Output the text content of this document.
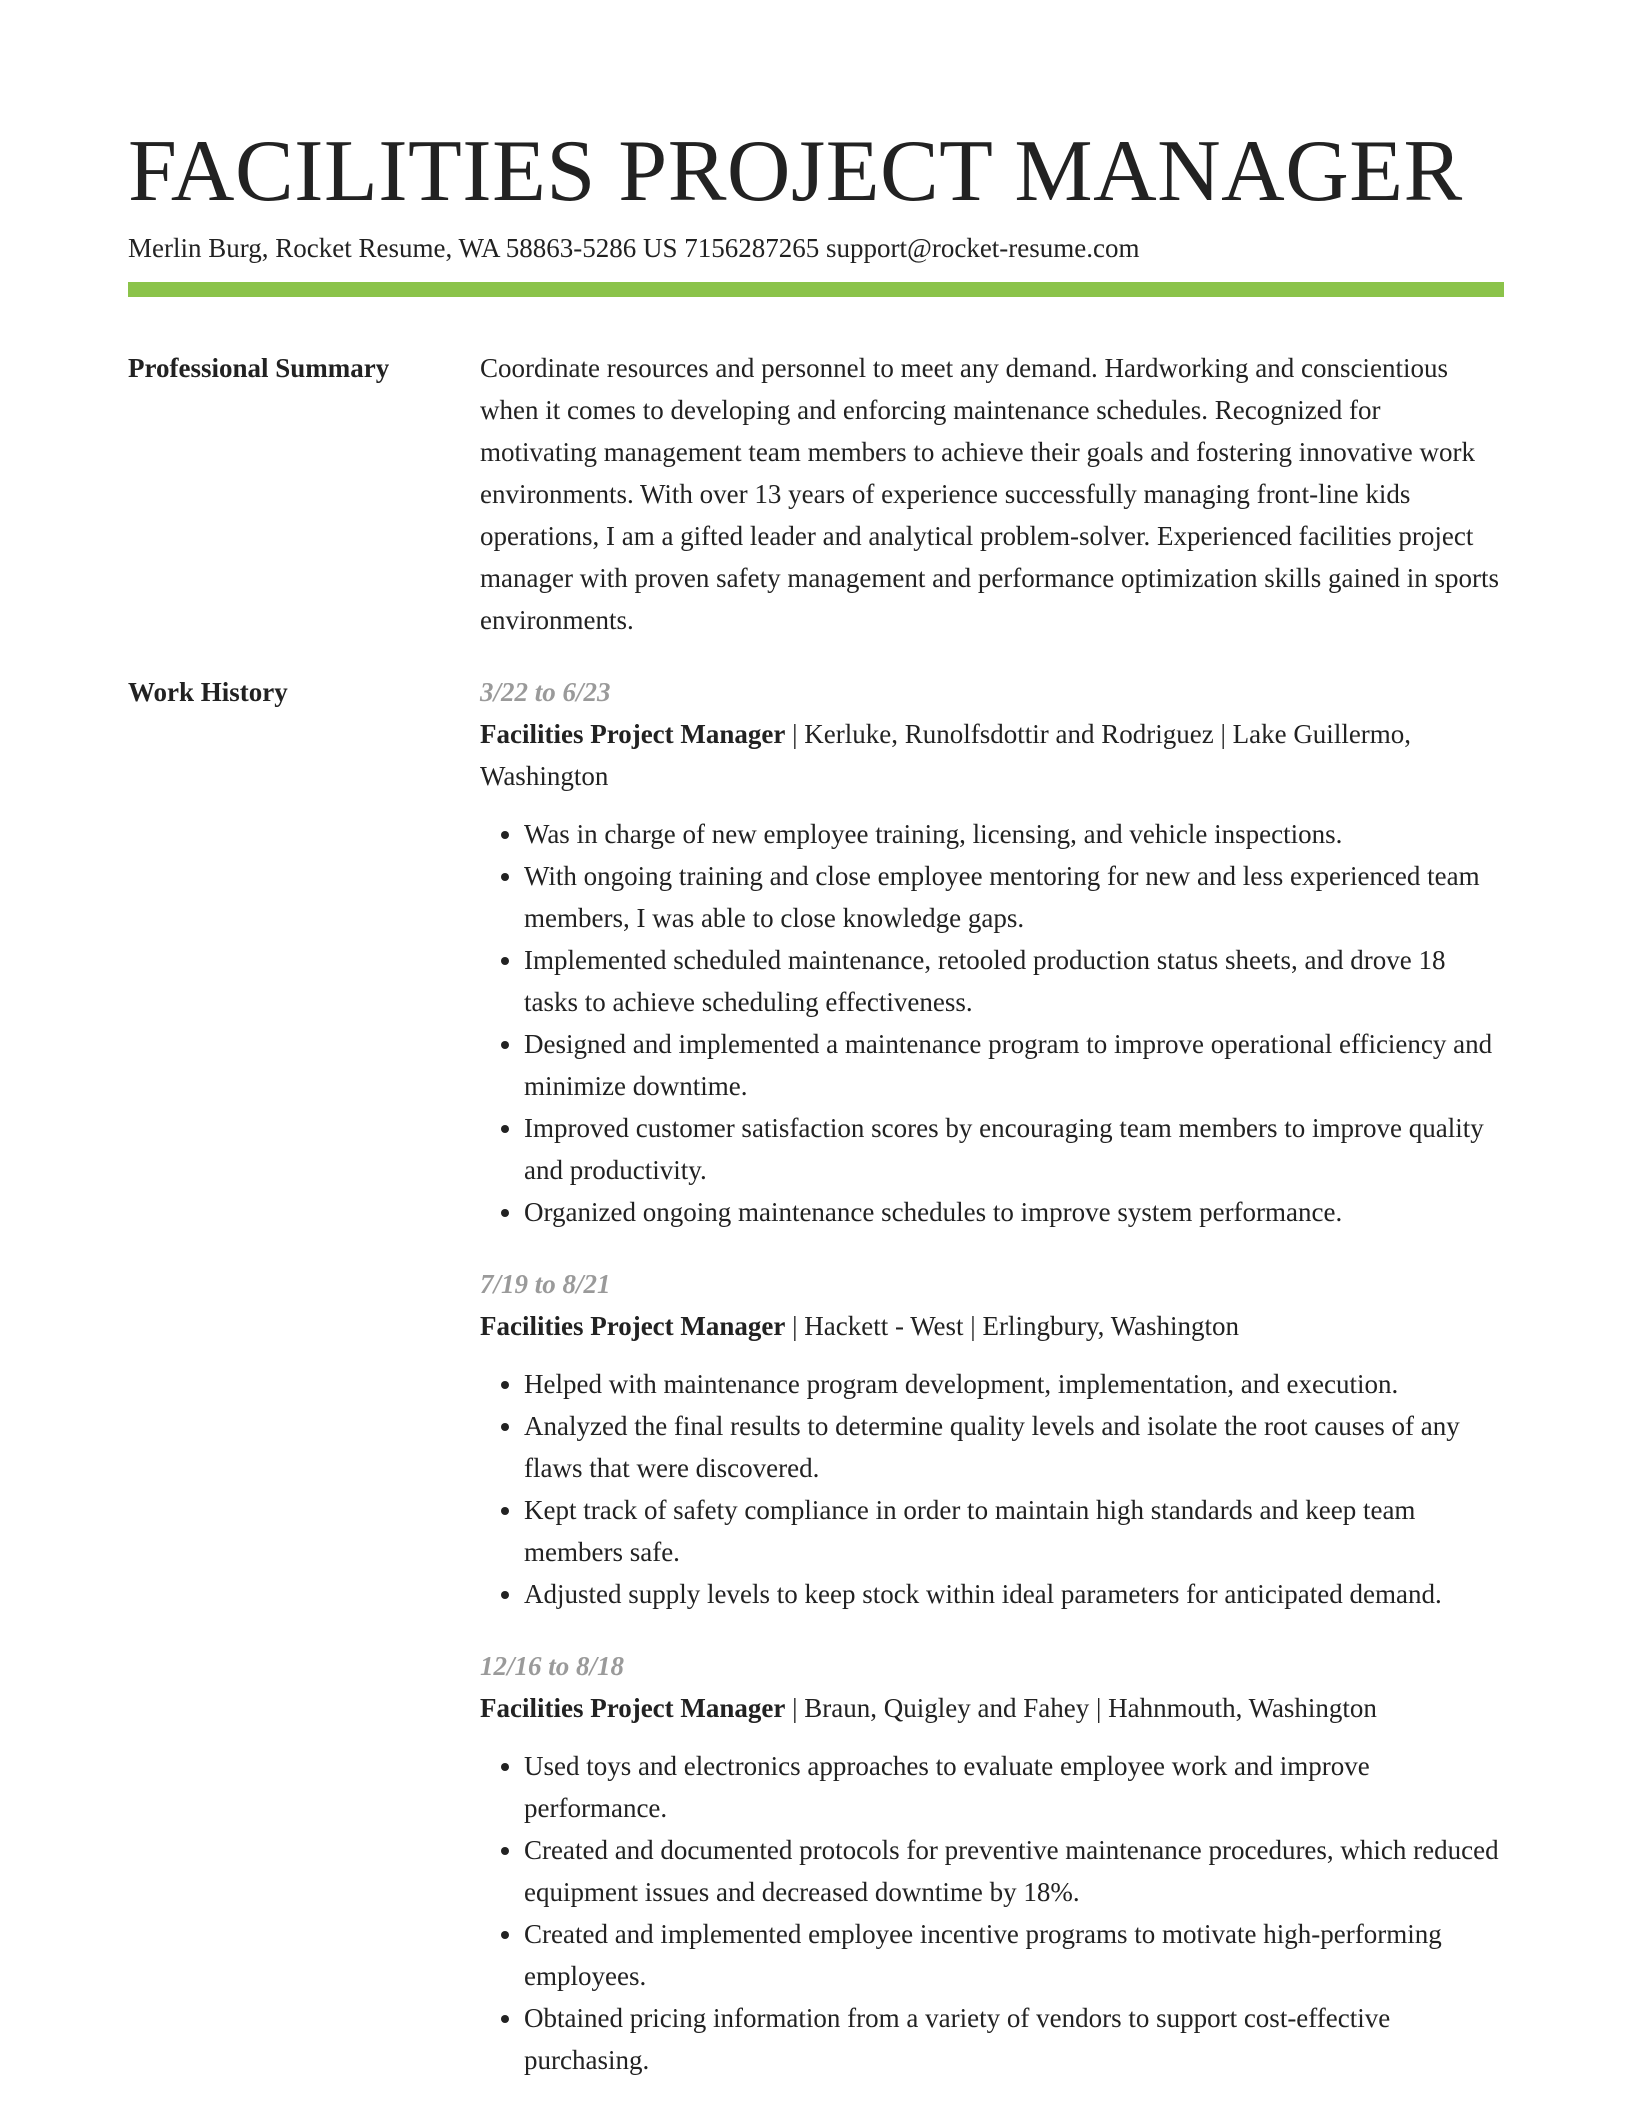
FACILITIES PROJECT MANAGER
Merlin Burg, Rocket Resume, WA 58863-5286 US 7156287265 support@rocket-resume.com
Professional Summary	Coordinate resources and personnel to meet any demand. Hardworking and conscientious when it comes to developing and enforcing maintenance schedules. Recognized for motivating management team members to achieve their goals and fostering innovative work environments. With over 13 years of experience successfully managing front-line kids operations, I am a gifted leader and analytical problem-solver. Experienced facilities project manager with proven safety management and performance optimization skills gained in sports environments.

Work History	3/22 to 6/23

Facilities Project Manager | Kerluke, Runolfsdottir and Rodriguez | Lake Guillermo, Washington

• Was in charge of new employee training, licensing, and vehicle inspections.
• With ongoing training and close employee mentoring for new and less experienced team members, I was able to close knowledge gaps.
• Implemented scheduled maintenance, retooled production status sheets, and drove 18 tasks to achieve scheduling effectiveness.
• Designed and implemented a maintenance program to improve operational efficiency and minimize downtime.
• Improved customer satisfaction scores by encouraging team members to improve quality and productivity.
• Organized ongoing maintenance schedules to improve system performance.
7/19 to 8/21

Facilities Project Manager | Hackett - West | Erlingbury, Washington

• Helped with maintenance program development, implementation, and execution.
• Analyzed the final results to determine quality levels and isolate the root causes of any flaws that were discovered.
• Kept track of safety compliance in order to maintain high standards and keep team members safe.
• Adjusted supply levels to keep stock within ideal parameters for anticipated demand.
12/16 to 8/18

Facilities Project Manager | Braun, Quigley and Fahey | Hahnmouth, Washington

• Used toys and electronics approaches to evaluate employee work and improve performance.
• Created and documented protocols for preventive maintenance procedures, which reduced equipment issues and decreased downtime by 18%.
• Created and implemented employee incentive programs to motivate high-performing employees.
• Obtained pricing information from a variety of vendors to support cost-effective purchasing.
